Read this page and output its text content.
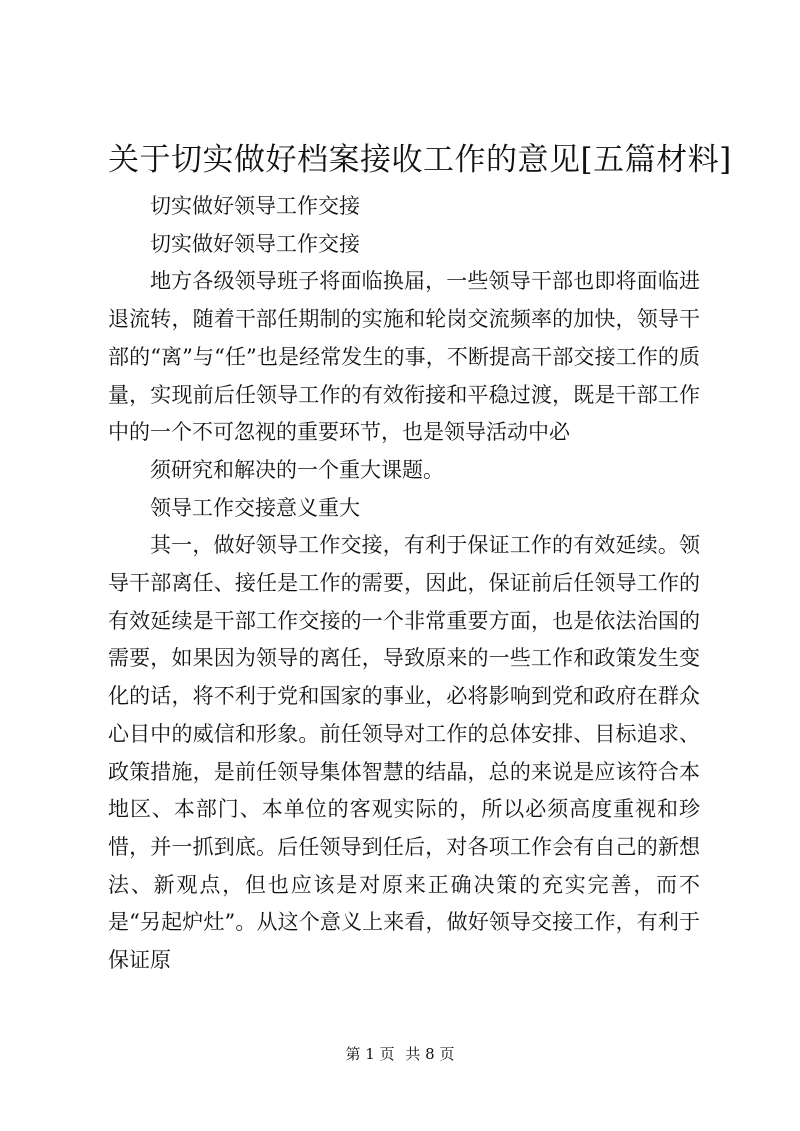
关于切实做好档案接收工作的意见[五篇材料]

切实做好领导工作交接

切实做好领导工作交接

地方各级领导班子将面临换届，一些领导干部也即将面临进退流转，随着干部任期制的实施和轮岗交流频率的加快，领导干部的“离”与“任”也是经常发生的事，不断提高干部交接工作的质量，实现前后任领导工作的有效衔接和平稳过渡，既是干部工作中的一个不可忽视的重要环节，也是领导活动中必

须研究和解决的一个重大课题。

领导工作交接意义重大

其一，做好领导工作交接，有利于保证工作的有效延续。领导干部离任、接任是工作的需要，因此，保证前后任领导工作的有效延续是干部工作交接的一个非常重要方面，也是依法治国的需要，如果因为领导的离任，导致原来的一些工作和政策发生变化的话，将不利于党和国家的事业，必将影响到党和政府在群众心目中的威信和形象。前任领导对工作的总体安排、目标追求、政策措施，是前任领导集体智慧的结晶，总的来说是应该符合本地区、本部门、本单位的客观实际的，所以必须高度重视和珍惜，并一抓到底。后任领导到任后，对各项工作会有自己的新想法、新观点，但也应该是对原来正确决策的充实完善，而不是“另起炉灶”。从这个意义上来看，做好领导交接工作，有利于保证原

第 1 页 共 8 页
